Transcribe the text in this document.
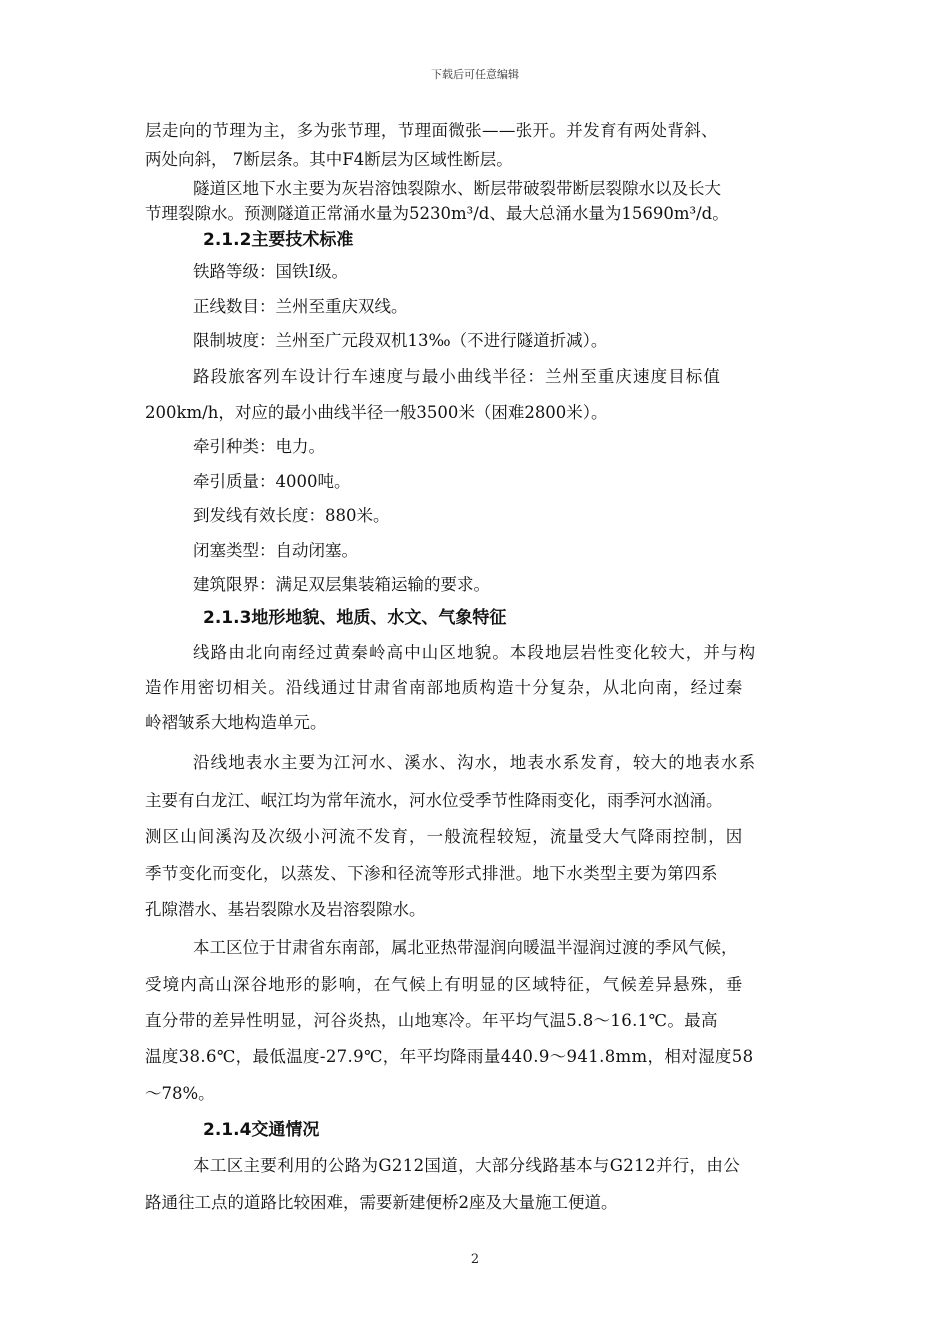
下载后可任意编辑
层走向的节理为主，多为张节理，节理面微张——张开。并发育有两处背斜、
两处向斜， 7断层条。其中F4断层为区域性断层。
隧道区地下水主要为灰岩溶蚀裂隙水、断层带破裂带断层裂隙水以及长大
节理裂隙水。预测隧道正常涌水量为5230m³/d、最大总涌水量为15690m³/d。
2.1.2主要技术标准
铁路等级：国铁Ⅰ级。
正线数目：兰州至重庆双线。
限制坡度：兰州至广元段双机13‰（不进行隧道折减）。
路段旅客列车设计行车速度与最小曲线半径：兰州至重庆速度目标值
200km/h，对应的最小曲线半径一般3500米（困难2800米）。
牵引种类：电力。
牵引质量：4000吨。
到发线有效长度：880米。
闭塞类型：自动闭塞。
建筑限界：满足双层集装箱运输的要求。
2.1.3地形地貌、地质、水文、气象特征
线路由北向南经过黄秦岭高中山区地貌。本段地层岩性变化较大，并与构
造作用密切相关。沿线通过甘肃省南部地质构造十分复杂，从北向南，经过秦
岭褶皱系大地构造单元。
沿线地表水主要为江河水、溪水、沟水，地表水系发育，较大的地表水系
主要有白龙江、岷江均为常年流水，河水位受季节性降雨变化，雨季河水汹涌。
测区山间溪沟及次级小河流不发育，一般流程较短，流量受大气降雨控制，因
季节变化而变化，以蒸发、下渗和径流等形式排泄。地下水类型主要为第四系
孔隙潜水、基岩裂隙水及岩溶裂隙水。
本工区位于甘肃省东南部，属北亚热带湿润向暖温半湿润过渡的季风气候，
受境内高山深谷地形的影响，在气候上有明显的区域特征，气候差异悬殊，垂
直分带的差异性明显，河谷炎热，山地寒冷。年平均气温5.8～16.1℃。最高
温度38.6℃，最低温度-27.9℃，年平均降雨量440.9～941.8mm，相对湿度58
～78%。
2.1.4交通情况
本工区主要利用的公路为G212国道，大部分线路基本与G212并行，由公
路通往工点的道路比较困难，需要新建便桥2座及大量施工便道。
2
